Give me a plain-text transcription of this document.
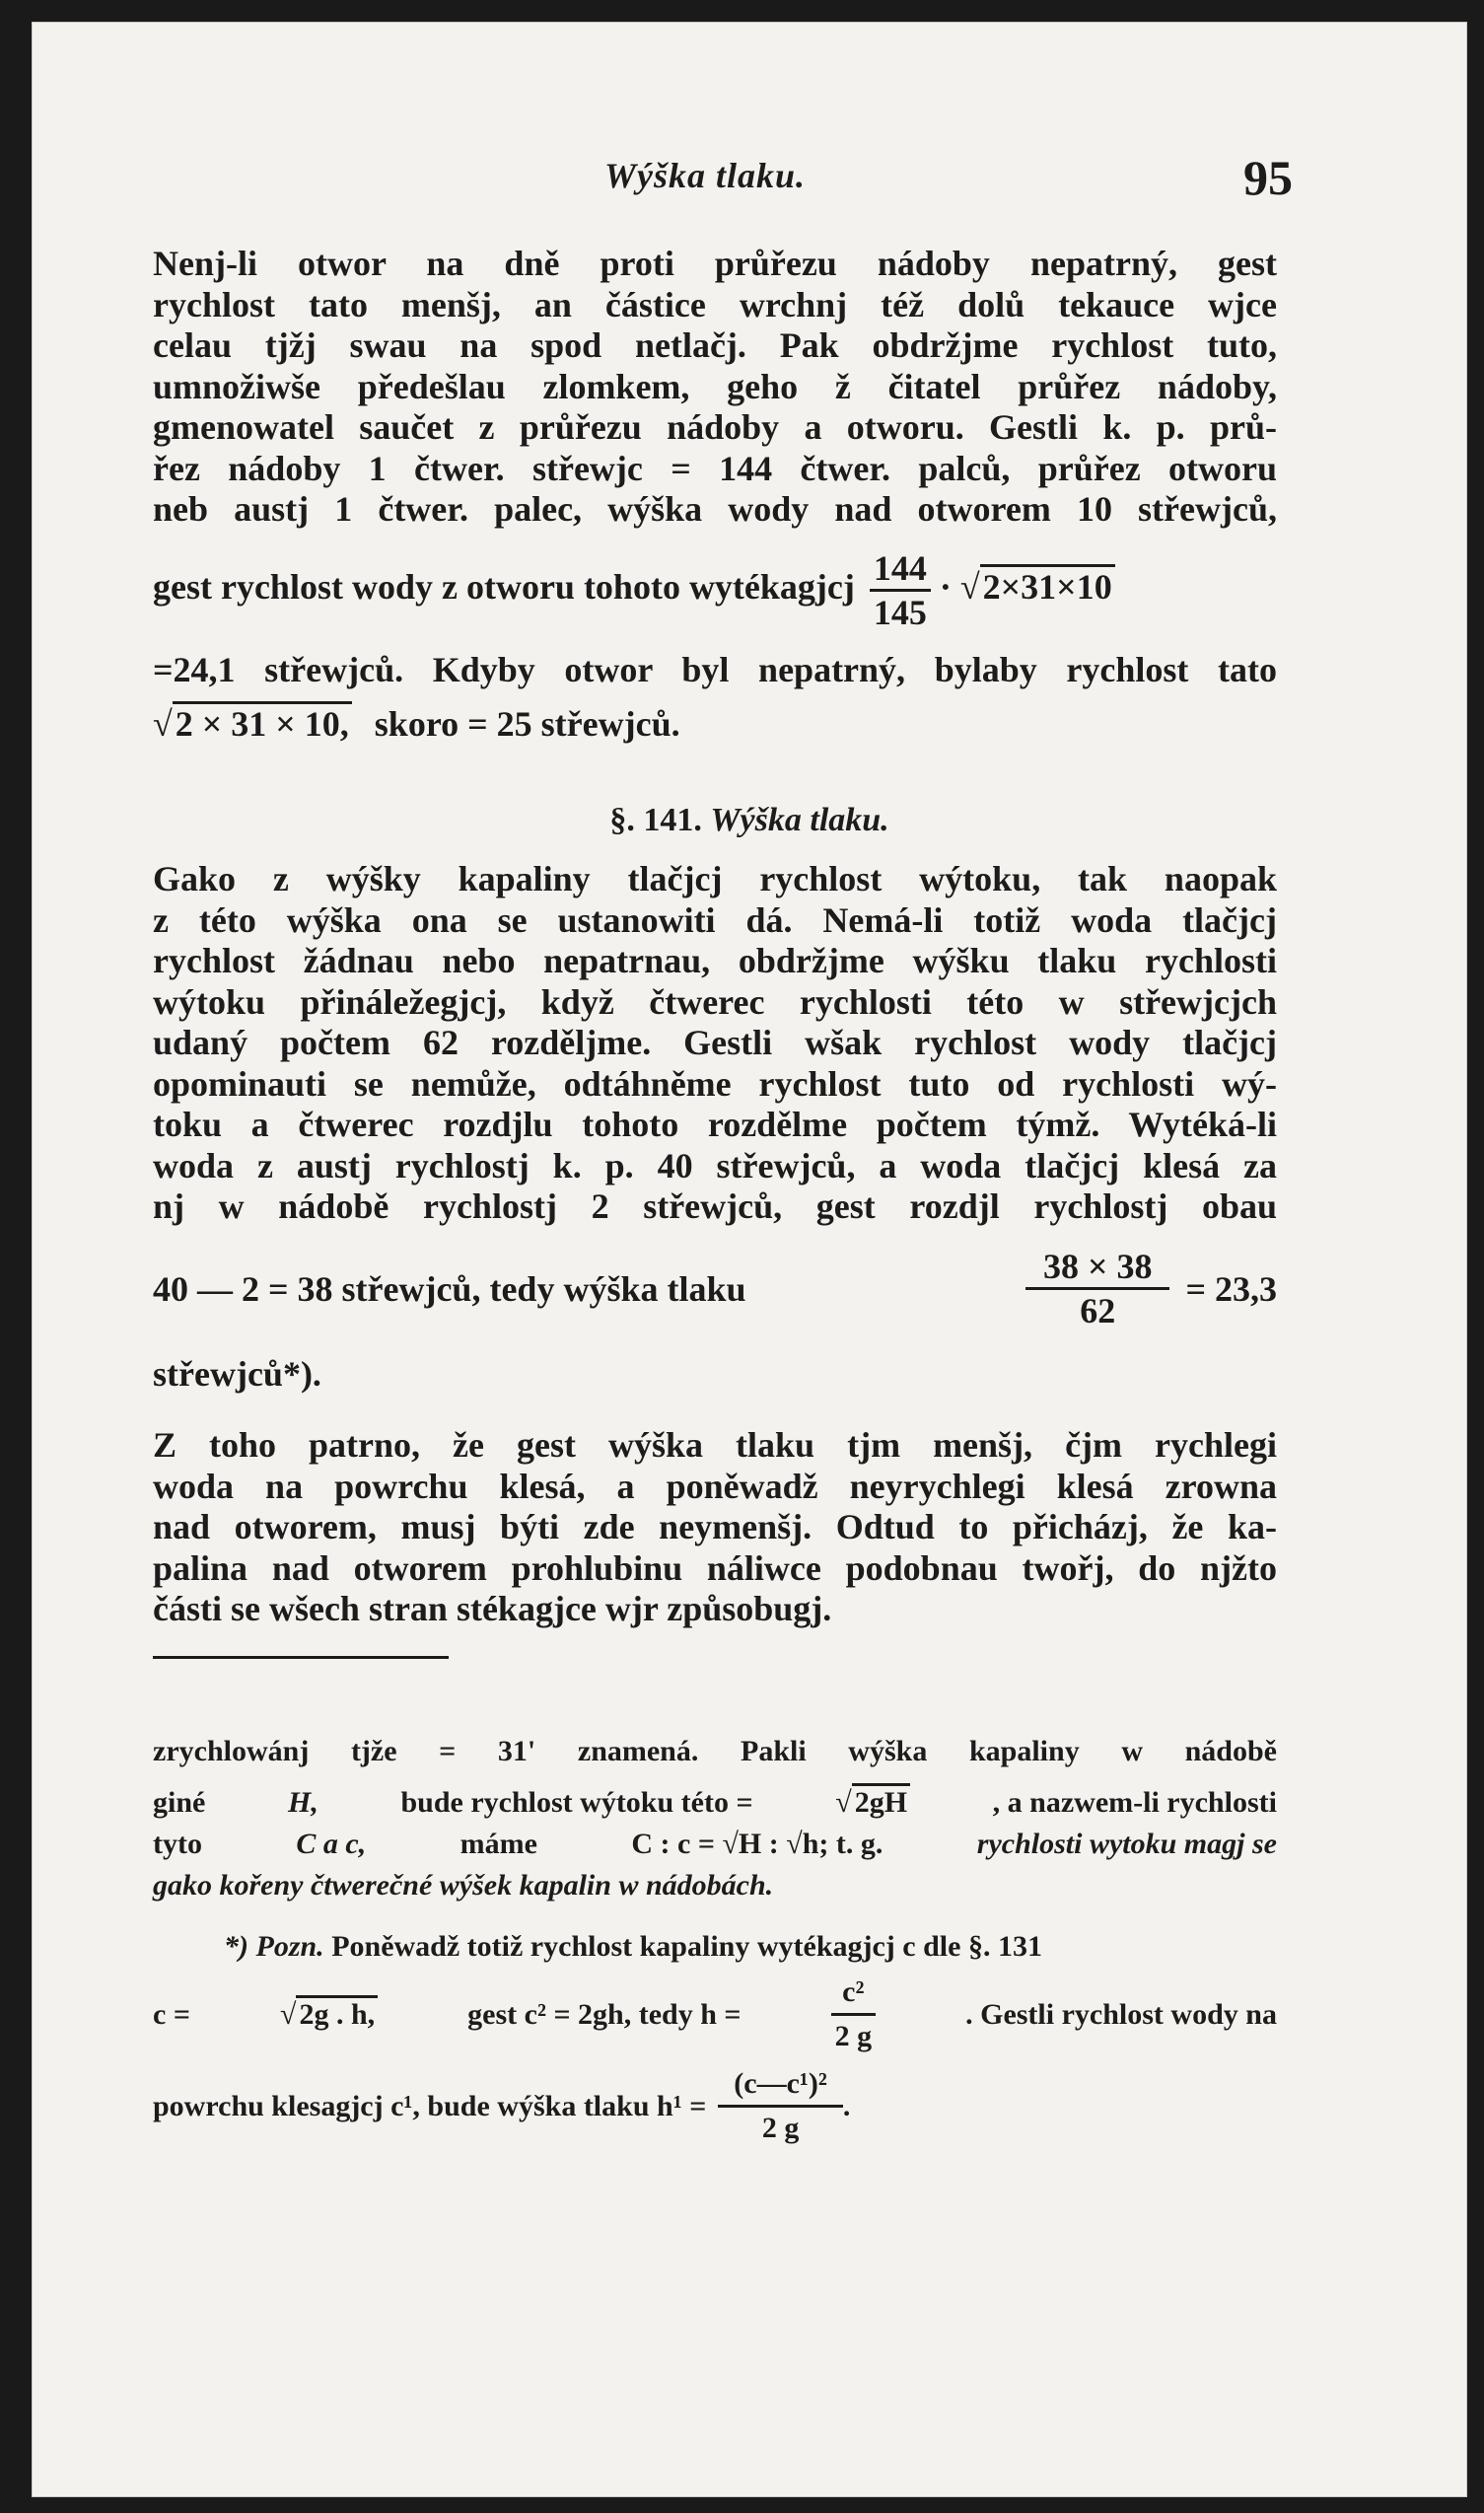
Wýška tlaku.	95
Nenj-li otwor na dně proti průřezu nádoby nepatrný, gest
rychlost tato menšj, an částice wrchnj též dolů tekauce wjce
celau tjžj swau na spod netlačj. Pak obdržjme rychlost tuto,
umnožiwše předešlau zlomkem, geho ž čitatel průřez nádoby,
gmenowatel saučet z průřezu nádoby a otworu. Gestli k. p. prů-
řez nádoby 1 čtwer. střewjc = 144 čtwer. palců, průřez otworu
neb austj 1 čtwer. palec, wýška wody nad otworem 10 střewjců,
gest rychlost wody z otworu tohoto wytékagjcj $\frac{144}{145} \cdot √2\times 31\times 10$
=24,1 střewjců. Kdyby otwor byl nepatrný, bylaby rychlost tato
√2 × 31 × 10, skoro = 25 střewjců.
§. 141. Wýška tlaku.
Gako z wýšky kapaliny tlačjcj rychlost wýtoku, tak naopak
z této wýška ona se ustanowiti dá. Nemá-li totiž woda tlačjcj
rychlost žádnau nebo nepatrnau, obdržjme wýšku tlaku rychlosti
wýtoku přináležegjcj, když čtwerec rychlosti této w střewjcjch
udaný počtem 62 rozděljme. Gestli wšak rychlost wody tlačjcj
opominauti se nemůže, odtáhněme rychlost tuto od rychlosti wý-
toku a čtwerec rozdjlu tohoto rozdělme počtem týmž. Wytéká-li
woda z austj rychlostj k. p. 40 střewjců, a woda tlačjcj klesá za
nj w nádobě rychlostj 2 střewjců, gest rozdjl rychlostj obau
40 — 2 = 38 střewjců, tedy wýška tlaku	$\frac{38 \times 38}{62} = 23,3$
střewjců*).
Z toho patrno, že gest wýška tlaku tjm menšj, čjm rychlegi
woda na powrchu klesá, a poněwadž neyrychlegi klesá zrowna
nad otworem, musj býti zde neymenšj. Odtud to přicházj, že ka-
palina nad otworem prohlubinu náliwce podobnau twořj, do njžto
části se wšech stran stékagjce wjr způsobugj.
zrychlowánj tjže = 31' znamená. Pakli wýška kapaliny w nádobě
giné	H,	bude rychlost wýtoku této =	√ 2gH	, a nazwem-li rychlosti
tyto	C a c,	máme	C : c = √H : √h; t. g.	rychlosti wytoku magj se
gako kořeny čtwerečné wýšek kapalin w nádobách.
*) Pozn. Poněwadž totiž rychlost kapaliny wytékagjcj c dle §. 131
c =	√ 2g . h,	gest c² = 2gh, tedy h =	$\frac{\text{c²}}{2 g}$	. Gestli rychlost wody na
powrchu klesagjcj c¹, bude wýška tlaku $h^1 = \frac{\text{(c—c¹)²}}{2 g}$ .
